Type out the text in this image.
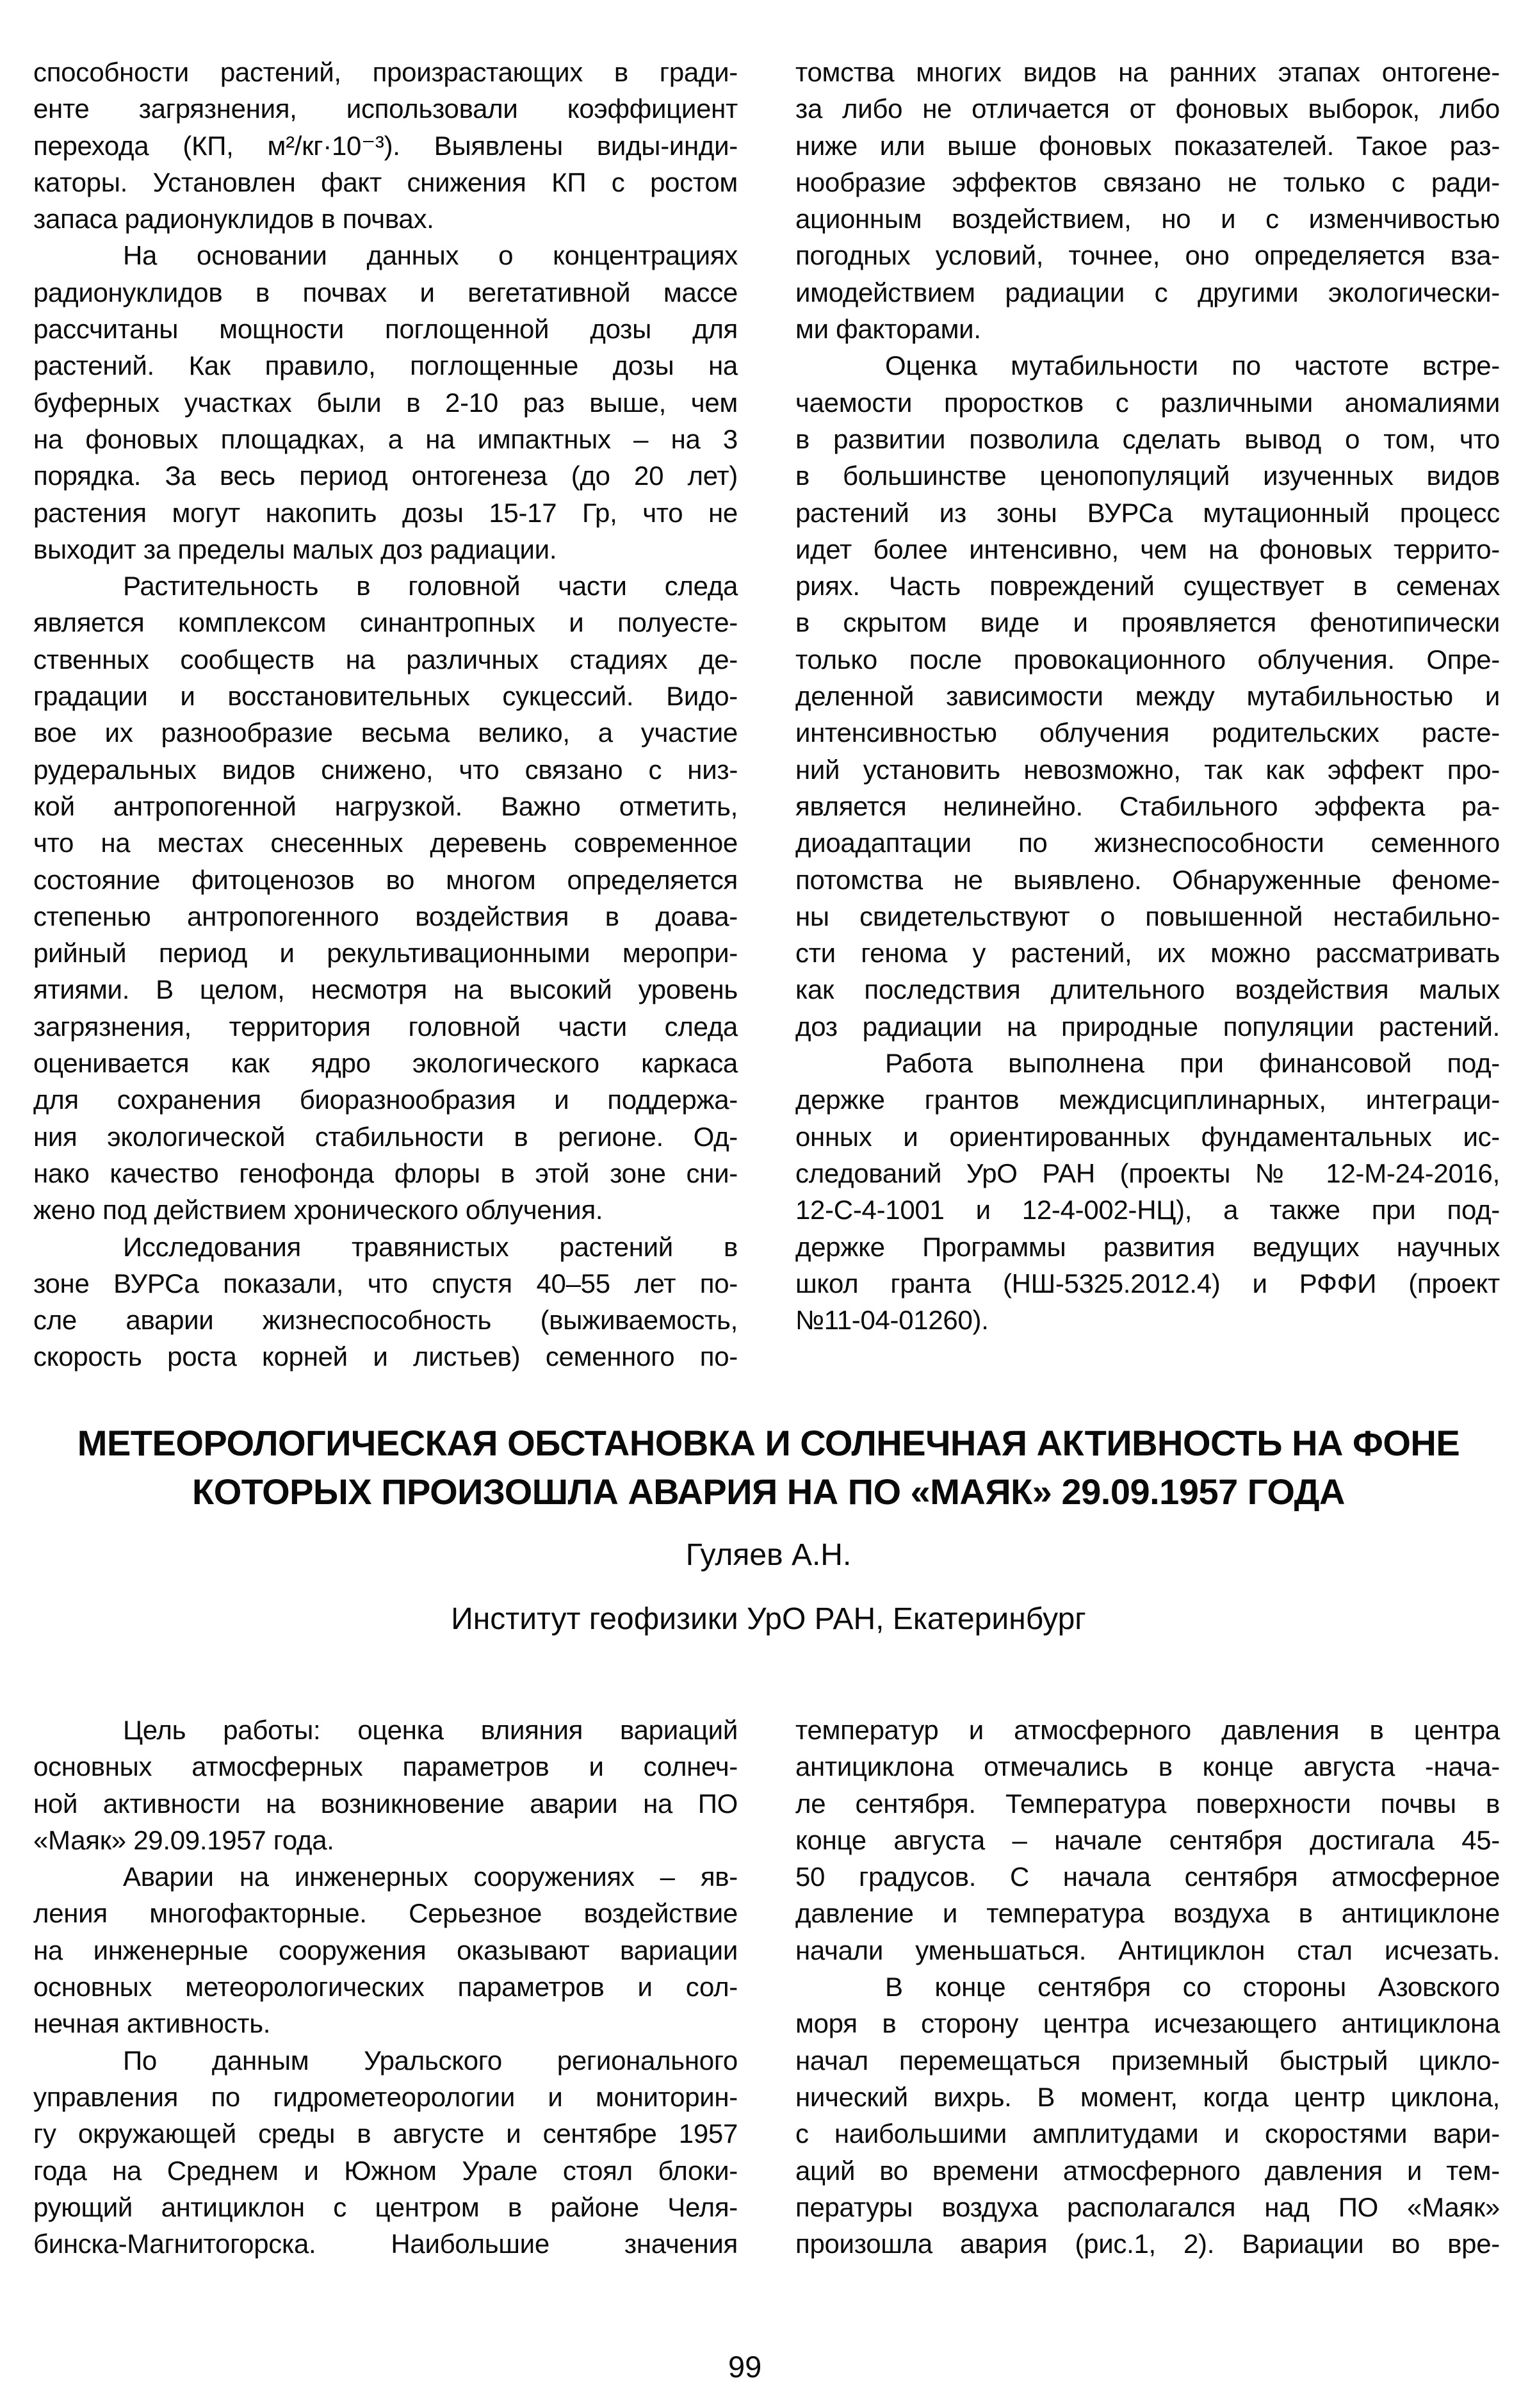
способности растений, произрастающих в гради-
енте загрязнения, использовали коэффициент
перехода (КП, м²/кг·10⁻³). Выявлены виды-инди-
каторы. Установлен факт снижения КП с ростом
запаса радионуклидов в почвах.
На основании данных о концентрациях
радионуклидов в почвах и вегетативной массе
рассчитаны мощности поглощенной дозы для
растений. Как правило, поглощенные дозы на
буферных участках были в 2-10 раз выше, чем
на фоновых площадках, а на импактных – на 3
порядка. За весь период онтогенеза (до 20 лет)
растения могут накопить дозы 15-17 Гр, что не
выходит за пределы малых доз радиации.
Растительность в головной части следа
является комплексом синантропных и полуесте-
ственных сообществ на различных стадиях де-
градации и восстановительных сукцессий. Видо-
вое их разнообразие весьма велико, а участие
рудеральных видов снижено, что связано с низ-
кой антропогенной нагрузкой. Важно отметить,
что на местах снесенных деревень современное
состояние фитоценозов во многом определяется
степенью антропогенного воздействия в доава-
рийный период и рекультивационными меропри-
ятиями. В целом, несмотря на высокий уровень
загрязнения, территория головной части следа
оценивается как ядро экологического каркаса
для сохранения биоразнообразия и поддержа-
ния экологической стабильности в регионе. Од-
нако качество генофонда флоры в этой зоне сни-
жено под действием хронического облучения.
Исследования травянистых растений в
зоне ВУРСа показали, что спустя 40–55 лет по-
сле аварии жизнеспособность (выживаемость,
скорость роста корней и листьев) семенного по-
томства многих видов на ранних этапах онтогене-
за либо не отличается от фоновых выборок, либо
ниже или выше фоновых показателей. Такое раз-
нообразие эффектов связано не только с ради-
ационным воздействием, но и с изменчивостью
погодных условий, точнее, оно определяется вза-
имодействием радиации с другими экологически-
ми факторами.
Оценка мутабильности по частоте встре-
чаемости проростков с различными аномалиями
в развитии позволила сделать вывод о том, что
в большинстве ценопопуляций изученных видов
растений из зоны ВУРСа мутационный процесс
идет более интенсивно, чем на фоновых террито-
риях. Часть повреждений существует в семенах
в скрытом виде и проявляется фенотипически
только после провокационного облучения. Опре-
деленной зависимости между мутабильностью и
интенсивностью облучения родительских расте-
ний установить невозможно, так как эффект про-
является нелинейно. Стабильного эффекта ра-
диоадаптации по жизнеспособности семенного
потомства не выявлено. Обнаруженные феноме-
ны свидетельствуют о повышенной нестабильно-
сти генома у растений, их можно рассматривать
как последствия длительного воздействия малых
доз радиации на природные популяции растений.
Работа выполнена при финансовой под-
держке грантов междисциплинарных, интеграци-
онных и ориентированных фундаментальных ис-
следований УрО РАН (проекты № 12-М-24-2016,
12-С-4-1001 и 12-4-002-НЦ), а также при под-
держке Программы развития ведущих научных
школ гранта (НШ-5325.2012.4) и РФФИ (проект
№11-04-01260).
МЕТЕОРОЛОГИЧЕСКАЯ ОБСТАНОВКА И СОЛНЕЧНАЯ АКТИВНОСТЬ НА ФОНЕ
КОТОРЫХ ПРОИЗОШЛА АВАРИЯ НА ПО «МАЯК» 29.09.1957 ГОДА
Гуляев А.Н.
Институт геофизики УрО РАН, Екатеринбург
Цель работы: оценка влияния вариаций
основных атмосферных параметров и солнеч-
ной активности на возникновение аварии на ПО
«Маяк» 29.09.1957 года.
Аварии на инженерных сооружениях – яв-
ления многофакторные. Серьезное воздействие
на инженерные сооружения оказывают вариации
основных метеорологических параметров и сол-
нечная активность.
По данным Уральского регионального
управления по гидрометеорологии и мониторин-
гу окружающей среды в августе и сентябре 1957
года на Среднем и Южном Урале стоял блоки-
рующий антициклон с центром в районе Челя-
бинска-Магнитогорска. Наибольшие значения
температур и атмосферного давления в центра
антициклона отмечались в конце августа -нача-
ле сентября. Температура поверхности почвы в
конце августа – начале сентября достигала 45-
50 градусов. С начала сентября атмосферное
давление и температура воздуха в антициклоне
начали уменьшаться. Антициклон стал исчезать.
В конце сентября со стороны Азовского
моря в сторону центра исчезающего антициклона
начал перемещаться приземный быстрый цикло-
нический вихрь. В момент, когда центр циклона,
с наибольшими амплитудами и скоростями вари-
аций во времени атмосферного давления и тем-
пературы воздуха располагался над ПО «Маяк»
произошла авария (рис.1, 2). Вариации во вре-
99
